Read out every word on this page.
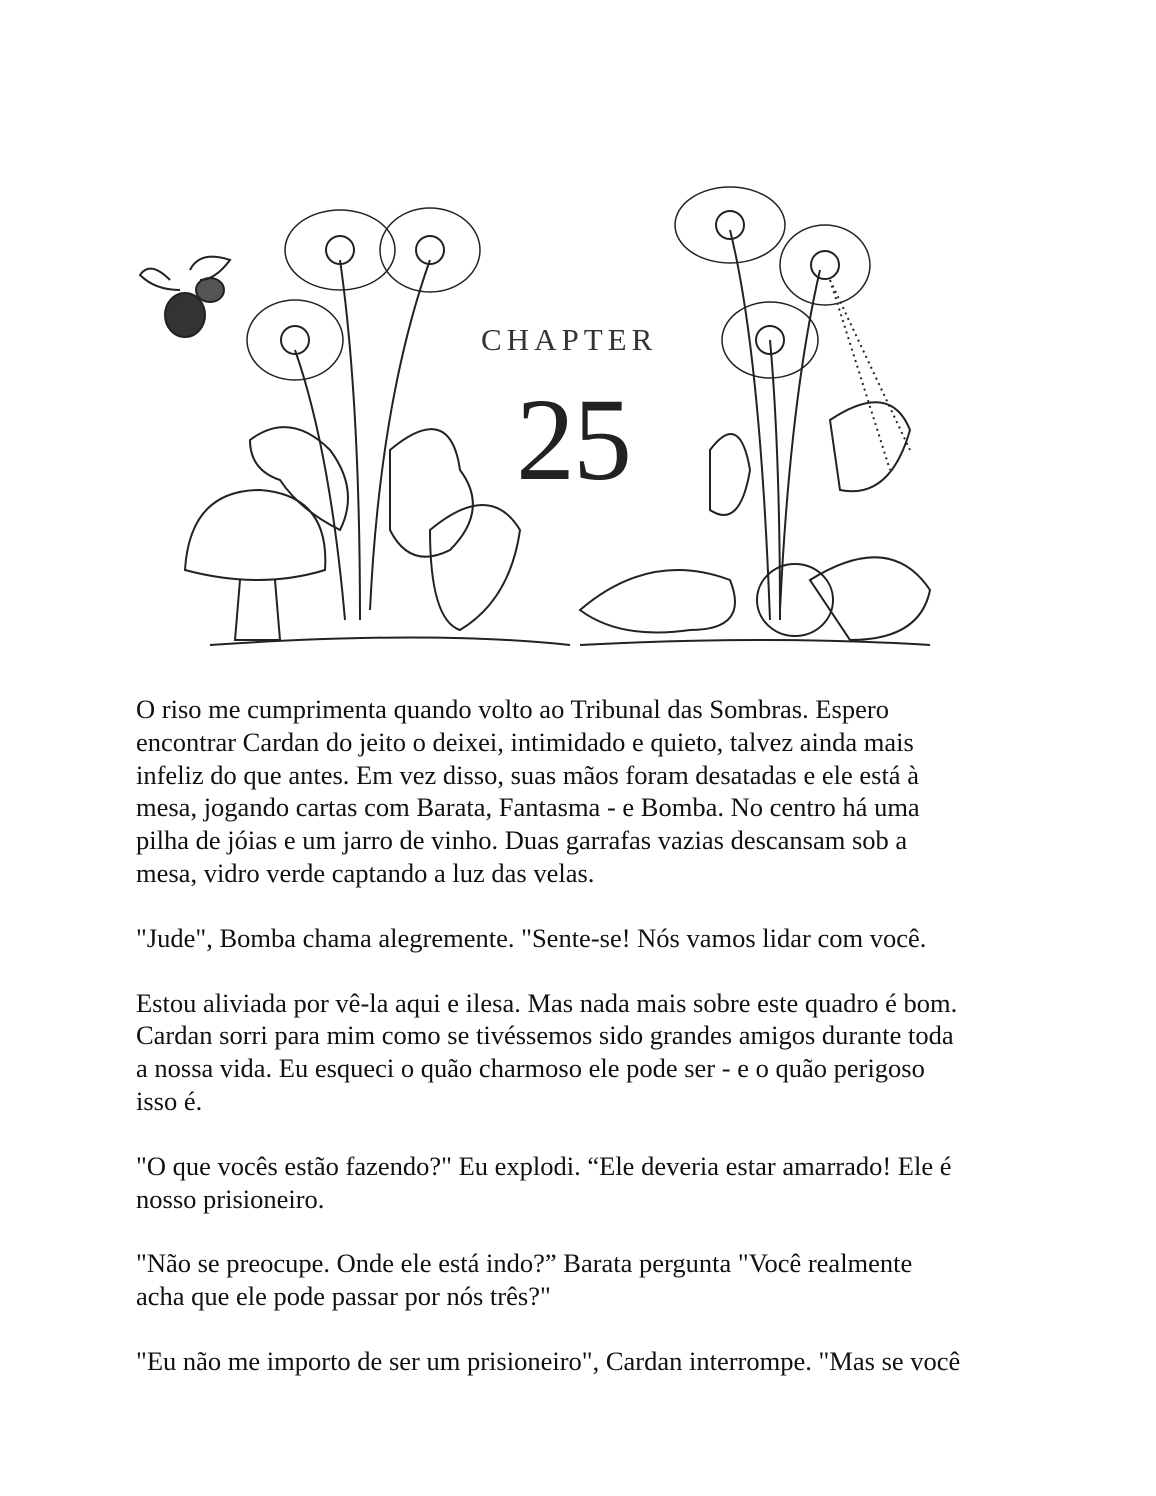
CHAPTER
25

O riso me cumprimenta quando volto ao Tribunal das Sombras. Espero
encontrar Cardan do jeito o deixei, intimidado e quieto, talvez ainda mais
infeliz do que antes. Em vez disso, suas mãos foram desatadas e ele está à
mesa, jogando cartas com Barata, Fantasma - e Bomba. No centro há uma
pilha de jóias e um jarro de vinho. Duas garrafas vazias descansam sob a
mesa, vidro verde captando a luz das velas.

"Jude", Bomba chama alegremente. "Sente-se! Nós vamos lidar com você.

Estou aliviada por vê-la aqui e ilesa. Mas nada mais sobre este quadro é bom.
Cardan sorri para mim como se tivéssemos sido grandes amigos durante toda
a nossa vida. Eu esqueci o quão charmoso ele pode ser - e o quão perigoso
isso é.

"O que vocês estão fazendo?" Eu explodi. “Ele deveria estar amarrado! Ele é
nosso prisioneiro.

"Não se preocupe. Onde ele está indo?” Barata pergunta "Você realmente
acha que ele pode passar por nós três?"

"Eu não me importo de ser um prisioneiro", Cardan interrompe. "Mas se você
